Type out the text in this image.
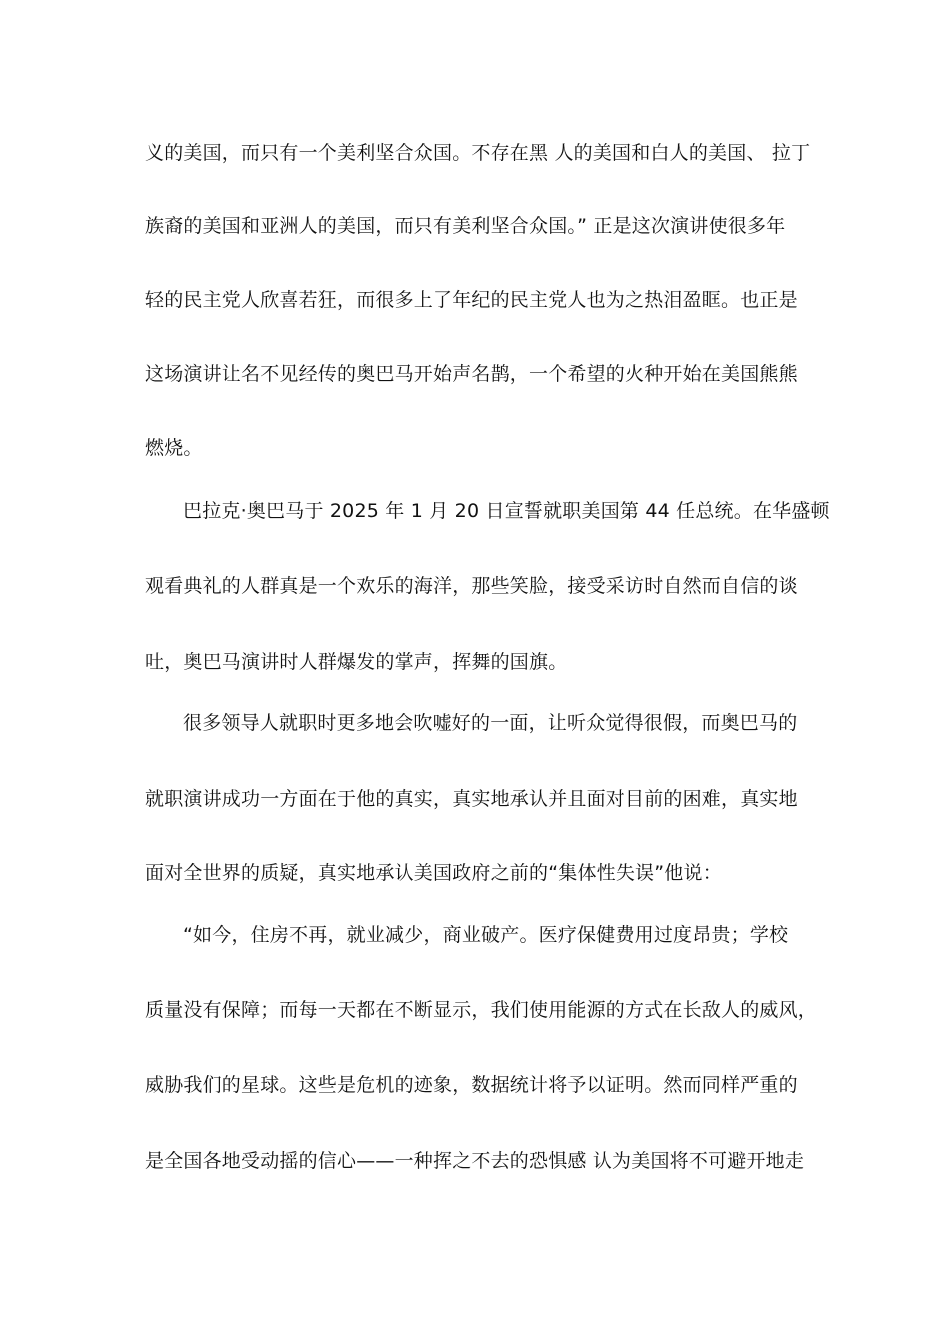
义的美国，而只有一个美利坚合众国。不存在黑 人的美国和白人的美国、 拉丁
族裔的美国和亚洲人的美国，而只有美利坚合众国。” 正是这次演讲使很多年
轻的民主党人欣喜若狂，而很多上了年纪的民主党人也为之热泪盈眶。也正是
这场演讲让名不见经传的奥巴马开始声名鹊，一个希望的火种开始在美国熊熊
燃烧。
巴拉克·奥巴马于 2025 年 1 月 20 日宣誓就职美国第 44 任总统。在华盛顿
观看典礼的人群真是一个欢乐的海洋，那些笑脸，接受采访时自然而自信的谈
吐，奥巴马演讲时人群爆发的掌声，挥舞的国旗。
很多领导人就职时更多地会吹嘘好的一面，让听众觉得很假，而奥巴马的
就职演讲成功一方面在于他的真实，真实地承认并且面对目前的困难，真实地
面对全世界的质疑，真实地承认美国政府之前的“集体性失误”他说：
“如今，住房不再，就业减少，商业破产。医疗保健费用过度昂贵；学校
质量没有保障；而每一天都在不断显示，我们使用能源的方式在长敌人的威风，
威胁我们的星球。这些是危机的迹象，数据统计将予以证明。然而同样严重的
是全国各地受动摇的信心——一种挥之不去的恐惧感 认为美国将不可避开地走
